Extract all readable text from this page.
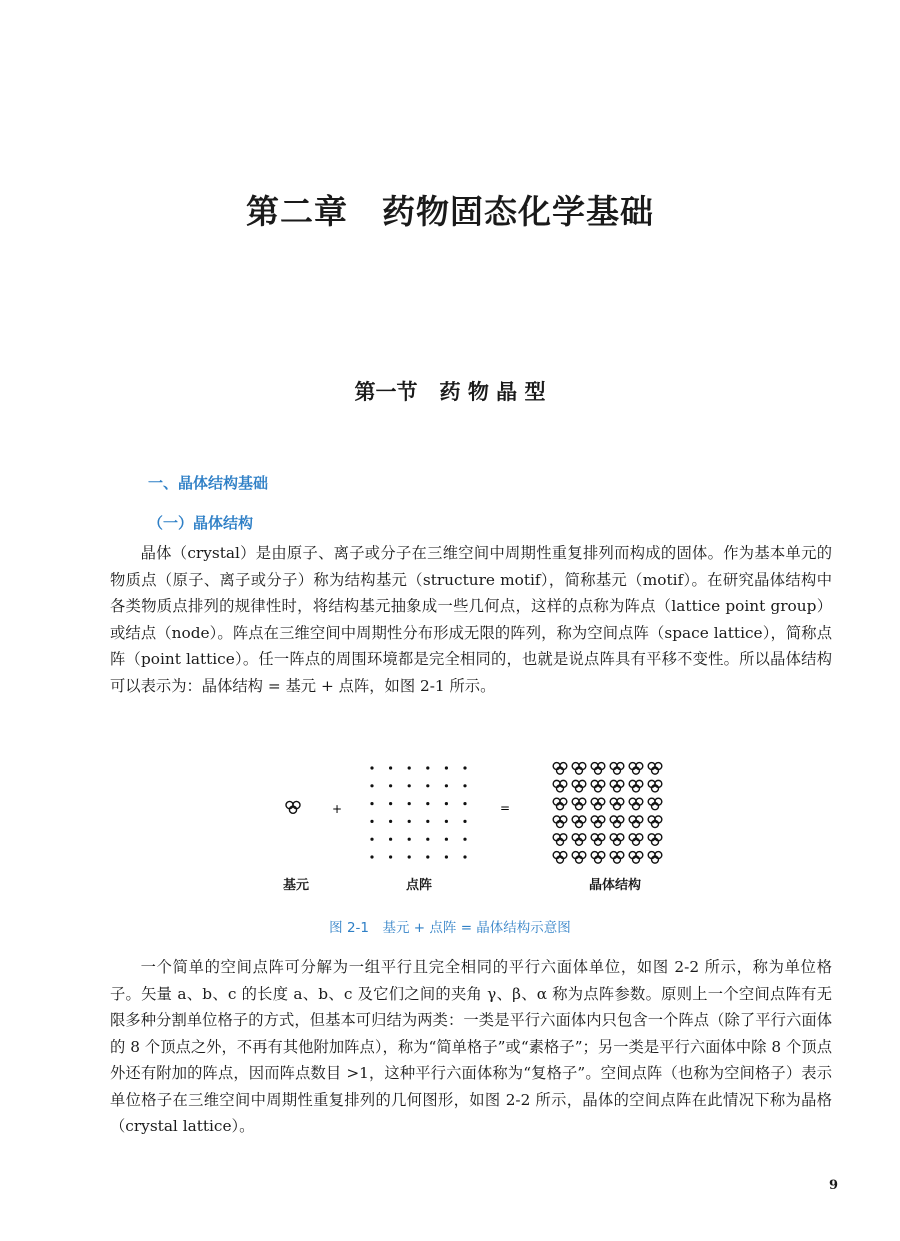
第二章 药物固态化学基础
第一节 药 物 晶 型
一、晶体结构基础
（一）晶体结构

晶体（crystal）是由原子、离子或分子在三维空间中周期性重复排列而构成的固体。作为基本单元的物质点（原子、离子或分子）称为结构基元（structure motif），简称基元（motif）。在研究晶体结构中各类物质点排列的规律性时，将结构基元抽象成一些几何点，这样的点称为阵点（lattice point group）或结点（node）。阵点在三维空间中周期性分布形成无限的阵列，称为空间点阵（space lattice），简称点阵（point lattice）。任一阵点的周围环境都是完全相同的，也就是说点阵具有平移不变性。所以晶体结构可以表示为：晶体结构 = 基元 + 点阵，如图 2-1 所示。

+	=
基元	点阵	晶体结构

图 2-1　基元 + 点阵 = 晶体结构示意图

一个简单的空间点阵可分解为一组平行且完全相同的平行六面体单位，如图 2-2 所示，称为单位格子。矢量 a、b、c 的长度 a、b、c 及它们之间的夹角 γ、β、α 称为点阵参数。原则上一个空间点阵有无限多种分割单位格子的方式，但基本可归结为两类：一类是平行六面体内只包含一个阵点（除了平行六面体的 8 个顶点之外，不再有其他附加阵点），称为“简单格子”或“素格子”；另一类是平行六面体中除 8 个顶点外还有附加的阵点，因而阵点数目 >1，这种平行六面体称为“复格子”。空间点阵（也称为空间格子）表示单位格子在三维空间中周期性重复排列的几何图形，如图 2-2 所示，晶体的空间点阵在此情况下称为晶格（crystal lattice）。

9
